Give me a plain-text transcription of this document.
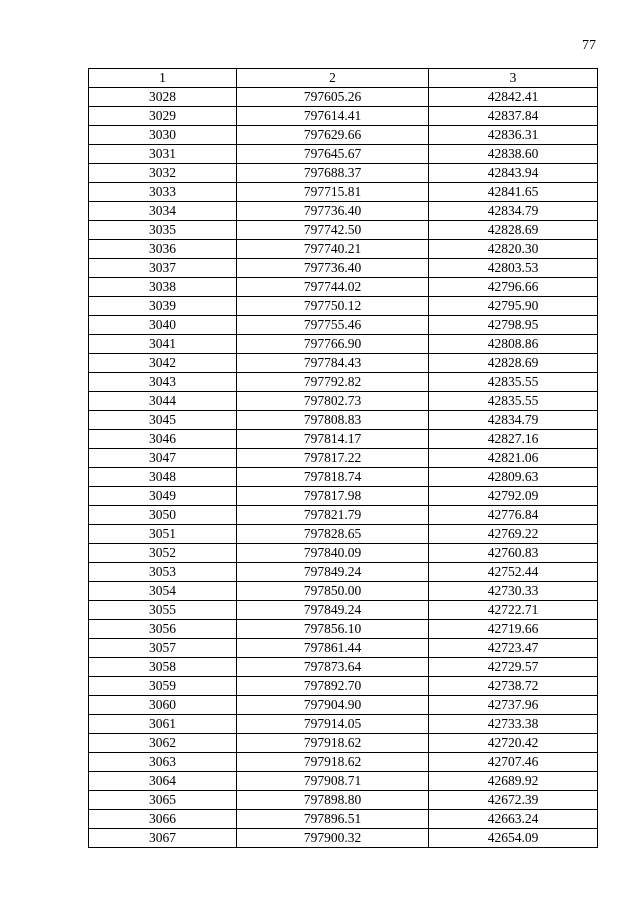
77
1	2	3
3028	797605.26	42842.41
3029	797614.41	42837.84
3030	797629.66	42836.31
3031	797645.67	42838.60
3032	797688.37	42843.94
3033	797715.81	42841.65
3034	797736.40	42834.79
3035	797742.50	42828.69
3036	797740.21	42820.30
3037	797736.40	42803.53
3038	797744.02	42796.66
3039	797750.12	42795.90
3040	797755.46	42798.95
3041	797766.90	42808.86
3042	797784.43	42828.69
3043	797792.82	42835.55
3044	797802.73	42835.55
3045	797808.83	42834.79
3046	797814.17	42827.16
3047	797817.22	42821.06
3048	797818.74	42809.63
3049	797817.98	42792.09
3050	797821.79	42776.84
3051	797828.65	42769.22
3052	797840.09	42760.83
3053	797849.24	42752.44
3054	797850.00	42730.33
3055	797849.24	42722.71
3056	797856.10	42719.66
3057	797861.44	42723.47
3058	797873.64	42729.57
3059	797892.70	42738.72
3060	797904.90	42737.96
3061	797914.05	42733.38
3062	797918.62	42720.42
3063	797918.62	42707.46
3064	797908.71	42689.92
3065	797898.80	42672.39
3066	797896.51	42663.24
3067	797900.32	42654.09
